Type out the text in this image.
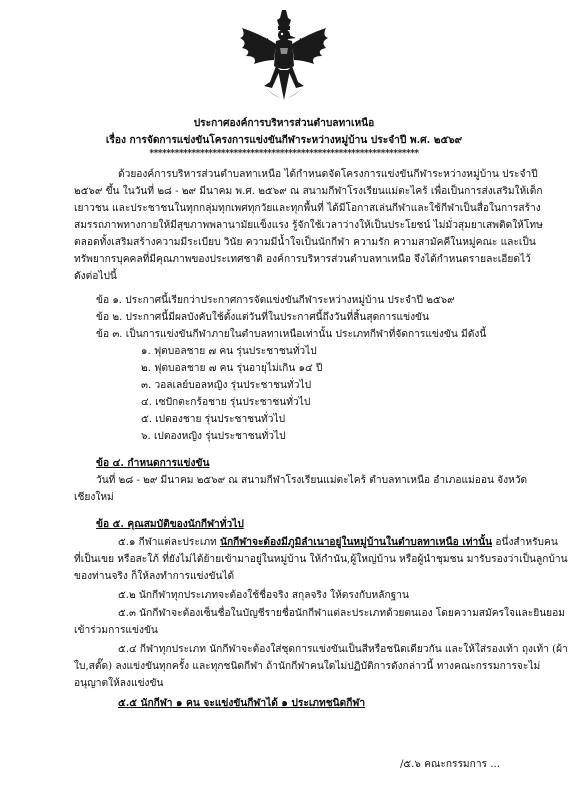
ประกาศองค์การบริหารส่วนตำบลทาเหนือ
เรื่อง การจัดการแข่งขันโครงการแข่งขันกีฬาระหว่างหมู่บ้าน ประจำปี พ.ศ. ๒๕๖๙
****************************************************************
ด้วยองค์การบริหารส่วนตำบลทาเหนือ ได้กำหนดจัดโครงการแข่งขันกีฬาระหว่างหมู่บ้าน ประจำปี
๒๕๖๙ ขึ้น ในวันที่ ๒๘ - ๒๙ มีนาคม พ.ศ. ๒๕๖๙ ณ สนามกีฬาโรงเรียนแม่ตะไคร้ เพื่อเป็นการส่งเสริมให้เด็ก
เยาวชน และประชาชนในทุกกลุ่มทุกเพศทุกวัยและทุกพื้นที่ ได้มีโอกาสเล่นกีฬาและใช้กีฬาเป็นสื่อในการสร้าง
สมรรถภาพทางกายให้มีสุขภาพพลานามัยแข็งแรง รู้จักใช้เวลาว่างให้เป็นประโยชน์ ไม่มั่วสุมยาเสพติดให้โทษ
ตลอดทั้งเสริมสร้างความมีระเบียบ วินัย ความมีน้ำใจเป็นนักกีฬา ความรัก ความสามัคคีในหมู่คณะ และเป็น
ทรัพยากรบุคคลที่มีคุณภาพของประเทศชาติ องค์การบริหารส่วนตำบลทาเหนือ จึงได้กำหนดรายละเอียดไว้
ดังต่อไปนี้
ข้อ ๑. ประกาศนี้เรียกว่าประกาศการจัดแข่งขันกีฬาระหว่างหมู่บ้าน ประจำปี ๒๕๖๙
ข้อ ๒. ประกาศนี้มีผลบังคับใช้ตั้งแต่วันที่ในประกาศนี้ถึงวันที่สิ้นสุดการแข่งขัน
ข้อ ๓. เป็นการแข่งขันกีฬาภายในตำบลทาเหนือเท่านั้น ประเภทกีฬาที่จัดการแข่งขัน มีดังนี้
๑. ฟุตบอลชาย ๗ คน รุ่นประชาชนทั่วไป
๒. ฟุตบอลชาย ๗ คน รุ่นอายุไม่เกิน ๑๔ ปี
๓. วอลเลย์บอลหญิง รุ่นประชาชนทั่วไป
๔. เซปักตะกร้อชาย รุ่นประชาชนทั่วไป
๕. เปตองชาย รุ่นประชาชนทั่วไป
๖. เปตองหญิง รุ่นประชาชนทั่วไป
ข้อ ๔. กำหนดการแข่งขัน
วันที่ ๒๘ - ๒๙ มีนาคม ๒๕๖๙ ณ สนามกีฬาโรงเรียนแม่ตะไคร้ ตำบลทาเหนือ อำเภอแม่ออน จังหวัด
เชียงใหม่
ข้อ ๕. คุณสมบัติของนักกีฬาทั่วไป
๕.๑ กีฬาแต่ละประเภท นักกีฬาจะต้องมีภูมิลำเนาอยู่ในหมู่บ้านในตำบลทาเหนือ เท่านั้น อนึ่งสำหรับคน
ที่เป็นเขย หรือสะใภ้ ที่ยังไม่ได้ย้ายเข้ามาอยู่ในหมู่บ้าน ให้กำนัน,ผู้ใหญ่บ้าน หรือผู้นำชุมชน มารับรองว่าเป็นลูกบ้าน
ของท่านจริง ก็ให้ลงทำการแข่งขันได้
๕.๒ นักกีฬาทุกประเภทจะต้องใช้ชื่อจริง สกุลจริง ให้ตรงกับหลักฐาน
๕.๓ นักกีฬาจะต้องเซ็นชื่อในบัญชีรายชื่อนักกีฬาแต่ละประเภทด้วยตนเอง โดยความสมัครใจและยินยอม
เข้าร่วมการแข่งขัน
๕.๔ กีฬาทุกประเภท นักกีฬาจะต้องใส่ชุดการแข่งขันเป็นสีหรือชนิดเดียวกัน และให้ใส่รองเท้า ถุงเท้า (ผ้า
ใบ,สตั๊ด) ลงแข่งขันทุกครั้ง และทุกชนิดกีฬา ถ้านักกีฬาคนใดไม่ปฏิบัติการดังกล่าวนี้ ทางคณะกรรมการจะไม่
อนุญาตให้ลงแข่งขัน
๕.๕ นักกีฬา ๑ คน จะแข่งขันกีฬาได้ ๑ ประเภทชนิดกีฬา
/๕.๖ คณะกรรมการ ...
